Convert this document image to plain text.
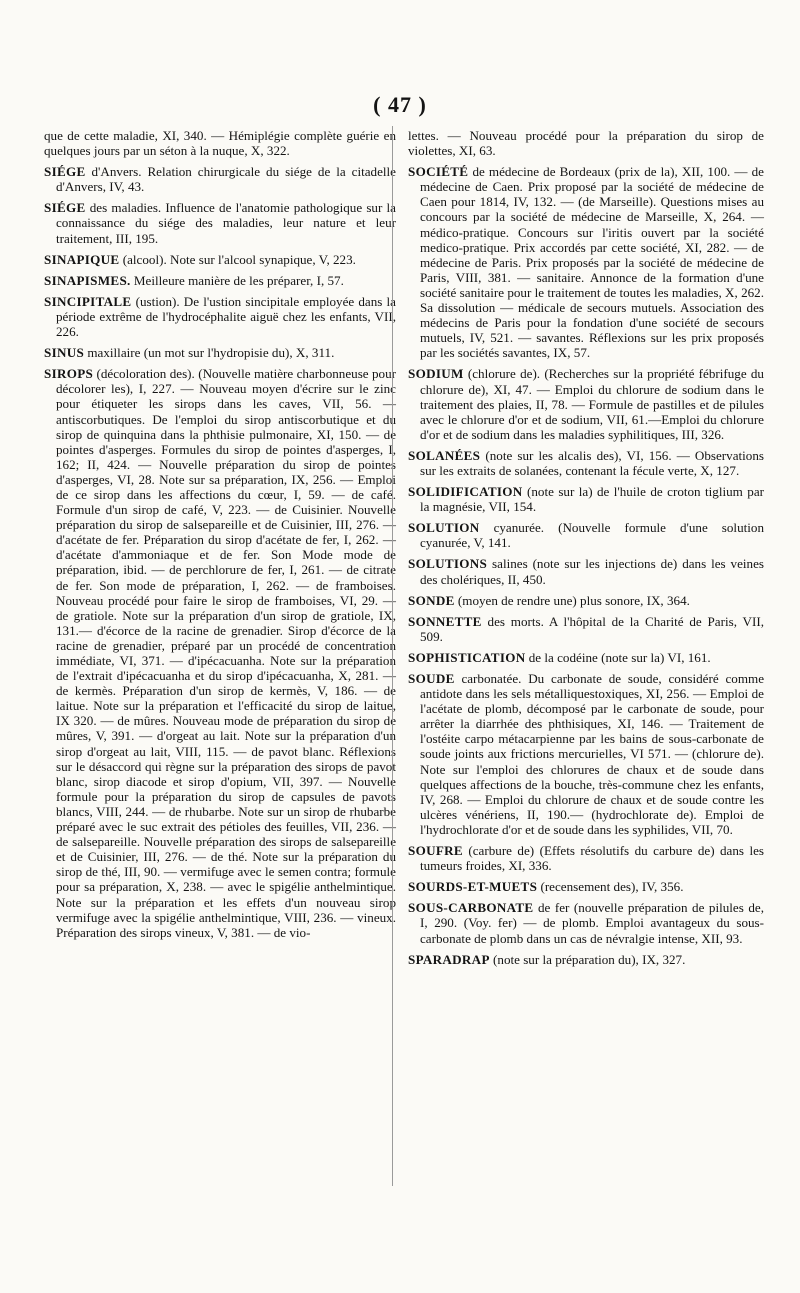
( 47 )
que de cette maladie, XI, 340. — Hémiplégie complète guérie en quelques jours par un séton à la nuque, X, 322.
SIÉGE d'Anvers. Relation chirurgicale du siége de la citadelle d'Anvers, IV, 43.
SIÉGE des maladies. Influence de l'anatomie pathologique sur la connaissance du siége des maladies, leur nature et leur traitement, III, 195.
SINAPIQUE (alcool). Note sur l'alcool synapique, V, 223.
SINAPISMES. Meilleure manière de les préparer, I, 57.
SINCIPITALE (ustion). De l'ustion sincipitale employée dans la période extrême de l'hydrocéphalite aiguë chez les enfants, VII, 226.
SINUS maxillaire (un mot sur l'hydropisie du), X, 311.
SIROPS (décoloration des). (Nouvelle matière charbonneuse pour décolorer les), I, 227. — Nouveau moyen d'écrire sur le zinc pour étiqueter les sirops dans les caves, VII, 56. — antiscorbutiques. De l'emploi du sirop antiscorbutique et du sirop de quinquina dans la phthisie pulmonaire, XI, 150. — de pointes d'asperges. Formules du sirop de pointes d'asperges, I, 162; II, 424. — Nouvelle préparation du sirop de pointes d'asperges, VI, 28. Note sur sa préparation, IX, 256. — Emploi de ce sirop dans les affections du cœur, I, 59. — de café. Formule d'un sirop de café, V, 223. — de Cuisinier. Nouvelle préparation du sirop de salsepareille et de Cuisinier, III, 276. — d'acétate de fer. Préparation du sirop d'acétate de fer, I, 262. — d'acétate d'ammoniaque et de fer. Son Mode mode de préparation, ibid. — de perchlorure de fer, I, 261. — de citrate de fer. Son mode de préparation, I, 262. — de framboises. Nouveau procédé pour faire le sirop de framboises, VI, 29. — de gratiole. Note sur la préparation d'un sirop de gratiole, IX, 131.— d'écorce de la racine de grenadier. Sirop d'écorce de la racine de grenadier, préparé par un procédé de concentration immédiate, VI, 371. — d'ipécacuanha. Note sur la préparation de l'extrait d'ipécacuanha et du sirop d'ipécacuanha, X, 281. — de kermès. Préparation d'un sirop de kermès, V, 186. — de laitue. Note sur la préparation et l'efficacité du sirop de laitue, IX 320. — de mûres. Nouveau mode de préparation du sirop de mûres, V, 391. — d'orgeat au lait. Note sur la préparation d'un sirop d'orgeat au lait, VIII, 115. — de pavot blanc. Réflexions sur le désaccord qui règne sur la préparation des sirops de pavot blanc, sirop diacode et sirop d'opium, VII, 397. — Nouvelle formule pour la préparation du sirop de capsules de pavots blancs, VIII, 244. — de rhubarbe. Note sur un sirop de rhubarbe préparé avec le suc extrait des pétioles des feuilles, VII, 236. — de salsepareille. Nouvelle préparation des sirops de salsepareille et de Cuisinier, III, 276. — de thé. Note sur la préparation du sirop de thé, III, 90. — vermifuge avec le semen contra; formule pour sa préparation, X, 238. — avec le spigélie anthelmintique. Note sur la préparation et les effets d'un nouveau sirop vermifuge avec la spigélie anthelmintique, VIII, 236. — vineux. Préparation des sirops vineux, V, 381. — de vio-
lettes. — Nouveau procédé pour la préparation du sirop de violettes, XI, 63.
SOCIÉTÉ de médecine de Bordeaux (prix de la), XII, 100. — de médecine de Caen. Prix proposé par la société de médecine de Caen pour 1814, IV, 132. — (de Marseille). Questions mises au concours par la société de médecine de Marseille, X, 264. — médico-pratique. Concours sur l'iritis ouvert par la société medico-pratique. Prix accordés par cette société, XI, 282. — de médecine de Paris. Prix proposés par la société de médecine de Paris, VIII, 381. — sanitaire. Annonce de la formation d'une société sanitaire pour le traitement de toutes les maladies, X, 262. Sa dissolution — médicale de secours mutuels. Association des médecins de Paris pour la fondation d'une société de secours mutuels, IV, 521. — savantes. Réflexions sur les prix proposés par les sociétés savantes, IX, 57.
SODIUM (chlorure de). (Recherches sur la propriété fébrifuge du chlorure de), XI, 47. — Emploi du chlorure de sodium dans le traitement des plaies, II, 78. — Formule de pastilles et de pilules avec le chlorure d'or et de sodium, VII, 61.—Emploi du chlorure d'or et de sodium dans les maladies syphilitiques, III, 326.
SOLANÉES (note sur les alcalis des), VI, 156. — Observations sur les extraits de solanées, contenant la fécule verte, X, 127.
SOLIDIFICATION (note sur la) de l'huile de croton tiglium par la magnésie, VII, 154.
SOLUTION cyanurée. (Nouvelle formule d'une solution cyanurée, V, 141.
SOLUTIONS salines (note sur les injections de) dans les veines des cholériques, II, 450.
SONDE (moyen de rendre une) plus sonore, IX, 364.
SONNETTE des morts. A l'hôpital de la Charité de Paris, VII, 509.
SOPHISTICATION de la codéine (note sur la) VI, 161.
SOUDE carbonatée. Du carbonate de soude, considéré comme antidote dans les sels métalliquestoxiques, XI, 256. — Emploi de l'acétate de plomb, décomposé par le carbonate de soude, pour arrêter la diarrhée des phthisiques, XI, 146. — Traitement de l'ostéite carpo métacarpienne par les bains de sous-carbonate de soude joints aux frictions mercurielles, VI 571. — (chlorure de). Note sur l'emploi des chlorures de chaux et de soude dans quelques affections de la bouche, très-commune chez les enfants, IV, 268. — Emploi du chlorure de chaux et de soude contre les ulcères vénériens, II, 190.— (hydrochlorate de). Emploi de l'hydrochlorate d'or et de soude dans les syphilides, VII, 70.
SOUFRE (carbure de) (Effets résolutifs du carbure de) dans les tumeurs froides, XI, 336.
SOURDS-ET-MUETS (recensement des), IV, 356.
SOUS-CARBONATE de fer (nouvelle préparation de pilules de, I, 290. (Voy. fer) — de plomb. Emploi avantageux du sous-carbonate de plomb dans un cas de névralgie intense, XII, 93.
SPARADRAP (note sur la préparation du), IX, 327.
